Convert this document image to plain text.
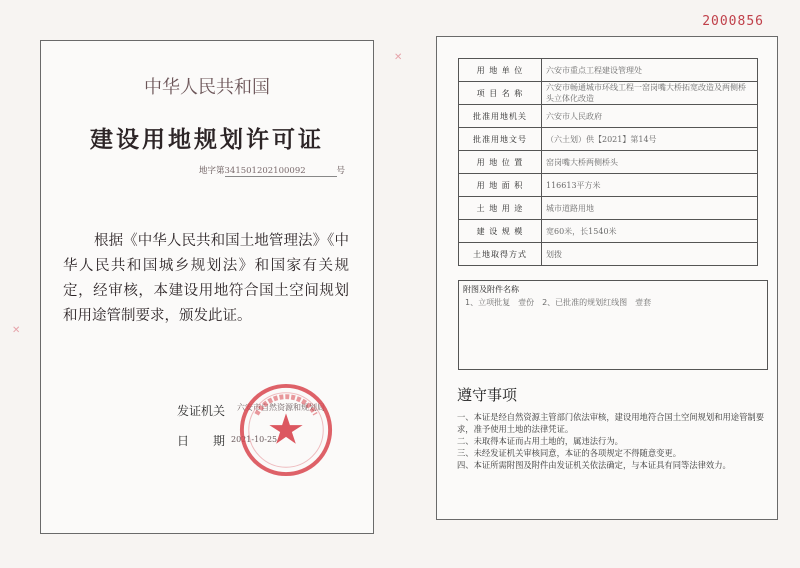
2000856
✕
✕
中华人民共和国
建设用地规划许可证
地字第341501202100092	号
根据《中华人民共和国土地管理法》《中华人民共和国城乡规划法》和国家有关规定，经审核，本建设用地符合国土空间规划和用途管制要求，颁发此证。
发证机关 六安市自然资源和规划局
日　　期 2021-10-25
用 地 单 位	六安市重点工程建设管理处
项 目 名 称	六安市畅通城市环线工程一窑岗嘴大桥拓宽改造及两侧桥头立体化改造
批准用地机关	六安市人民政府
批准用地文号	（六土划）供【2021】第14号
用 地 位 置	窑岗嘴大桥两侧桥头
用 地 面 积	116613平方米
土 地 用 途	城市道路用地
建 设 规 模	宽60米，长1540米
土地取得方式	划拨
附图及附件名称
1、立项批复　壹份　2、已批准的规划红线图　壹套
遵守事项
一、本证是经自然资源主管部门依法审核，建设用地符合国土空间规划和用途管制要求，准予使用土地的法律凭证。
二、未取得本证而占用土地的，属违法行为。
三、未经发证机关审核同意，本证的各项规定不得随意变更。
四、本证所需附图及附件由发证机关依法确定，与本证具有同等法律效力。
